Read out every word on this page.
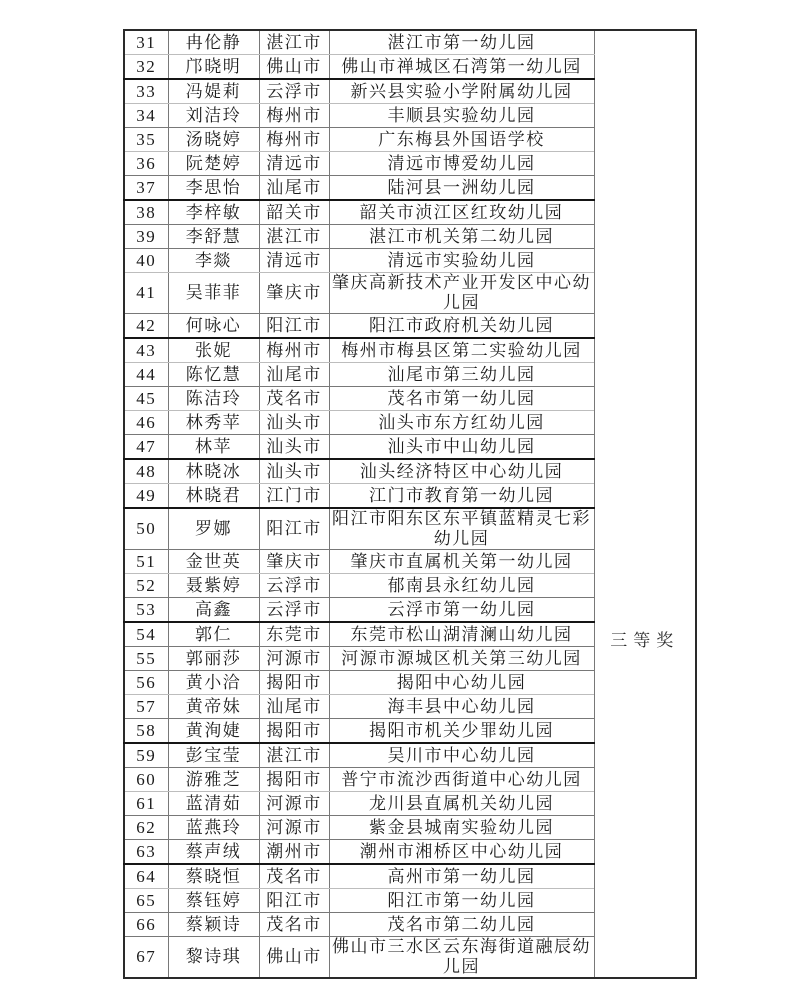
31	冉伦静	湛江市	湛江市第一幼儿园	三等奖

32	邝晓明	佛山市	佛山市禅城区石湾第一幼儿园	
33	冯媞莉	云浮市	新兴县实验小学附属幼儿园	
34	刘洁玲	梅州市	丰顺县实验幼儿园	
35	汤晓婷	梅州市	广东梅县外国语学校	
36	阮楚婷	清远市	清远市博爱幼儿园	
37	李思怡	汕尾市	陆河县一洲幼儿园	
38	李梓敏	韶关市	韶关市浈江区红玫幼儿园	
39	李舒慧	湛江市	湛江市机关第二幼儿园	
40	李燚	清远市	清远市实验幼儿园	
41	吴菲菲	肇庆市	肇庆高新技术产业开发区中心幼儿园	
42	何咏心	阳江市	阳江市政府机关幼儿园	
43	张妮	梅州市	梅州市梅县区第二实验幼儿园	
44	陈忆慧	汕尾市	汕尾市第三幼儿园	
45	陈洁玲	茂名市	茂名市第一幼儿园	
46	林秀苹	汕头市	汕头市东方红幼儿园	
47	林苹	汕头市	汕头市中山幼儿园	
48	林晓冰	汕头市	汕头经济特区中心幼儿园	
49	林晓君	江门市	江门市教育第一幼儿园	
50	罗娜	阳江市	阳江市阳东区东平镇蓝精灵七彩幼儿园	
51	金世英	肇庆市	肇庆市直属机关第一幼儿园	
52	聂紫婷	云浮市	郁南县永红幼儿园	
53	高鑫	云浮市	云浮市第一幼儿园	
54	郭仁	东莞市	东莞市松山湖清澜山幼儿园	
55	郭丽莎	河源市	河源市源城区机关第三幼儿园	
56	黄小洽	揭阳市	揭阳中心幼儿园	
57	黄帝妹	汕尾市	海丰县中心幼儿园	
58	黄洵婕	揭阳市	揭阳市机关少罪幼儿园	
59	彭宝莹	湛江市	吴川市中心幼儿园	
60	游雅芝	揭阳市	普宁市流沙西街道中心幼儿园	
61	蓝清茹	河源市	龙川县直属机关幼儿园	
62	蓝燕玲	河源市	紫金县城南实验幼儿园	
63	蔡声绒	潮州市	潮州市湘桥区中心幼儿园	
64	蔡晓恒	茂名市	高州市第一幼儿园	
65	蔡钰婷	阳江市	阳江市第一幼儿园	
66	蔡颖诗	茂名市	茂名市第二幼儿园	
67	黎诗琪	佛山市	佛山市三水区云东海街道融辰幼儿园	
